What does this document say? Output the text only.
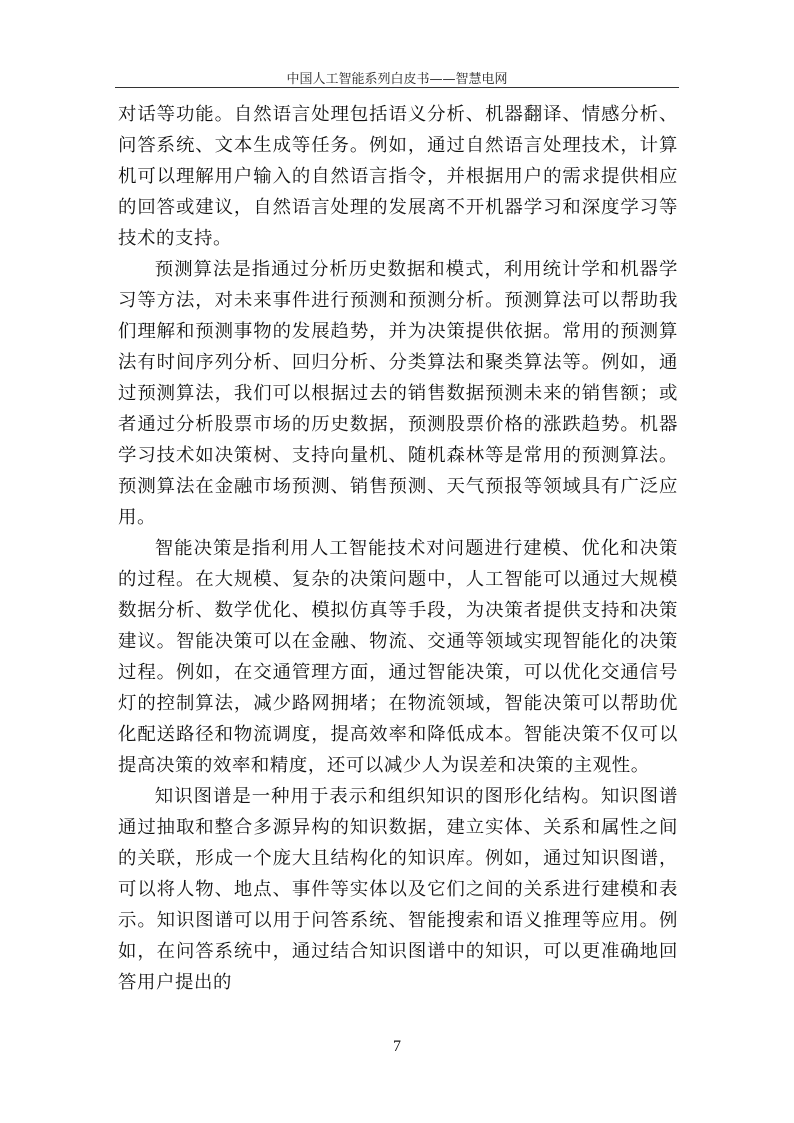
中国人工智能系列白皮书——智慧电网

对话等功能。自然语言处理包括语义分析、机器翻译、情感分析、问答系统、文本生成等任务。例如，通过自然语言处理技术，计算机可以理解用户输入的自然语言指令，并根据用户的需求提供相应的回答或建议，自然语言处理的发展离不开机器学习和深度学习等技术的支持。

预测算法是指通过分析历史数据和模式，利用统计学和机器学习等方法，对未来事件进行预测和预测分析。预测算法可以帮助我们理解和预测事物的发展趋势，并为决策提供依据。常用的预测算法有时间序列分析、回归分析、分类算法和聚类算法等。例如，通过预测算法，我们可以根据过去的销售数据预测未来的销售额；或者通过分析股票市场的历史数据，预测股票价格的涨跌趋势。机器学习技术如决策树、支持向量机、随机森林等是常用的预测算法。预测算法在金融市场预测、销售预测、天气预报等领域具有广泛应用。

智能决策是指利用人工智能技术对问题进行建模、优化和决策的过程。在大规模、复杂的决策问题中，人工智能可以通过大规模数据分析、数学优化、模拟仿真等手段，为决策者提供支持和决策建议。智能决策可以在金融、物流、交通等领域实现智能化的决策过程。例如，在交通管理方面，通过智能决策，可以优化交通信号灯的控制算法，减少路网拥堵；在物流领域，智能决策可以帮助优化配送路径和物流调度，提高效率和降低成本。智能决策不仅可以提高决策的效率和精度，还可以减少人为误差和决策的主观性。

知识图谱是一种用于表示和组织知识的图形化结构。知识图谱通过抽取和整合多源异构的知识数据，建立实体、关系和属性之间的关联，形成一个庞大且结构化的知识库。例如，通过知识图谱，可以将人物、地点、事件等实体以及它们之间的关系进行建模和表示。知识图谱可以用于问答系统、智能搜索和语义推理等应用。例如，在问答系统中，通过结合知识图谱中的知识，可以更准确地回答用户提出的

7
